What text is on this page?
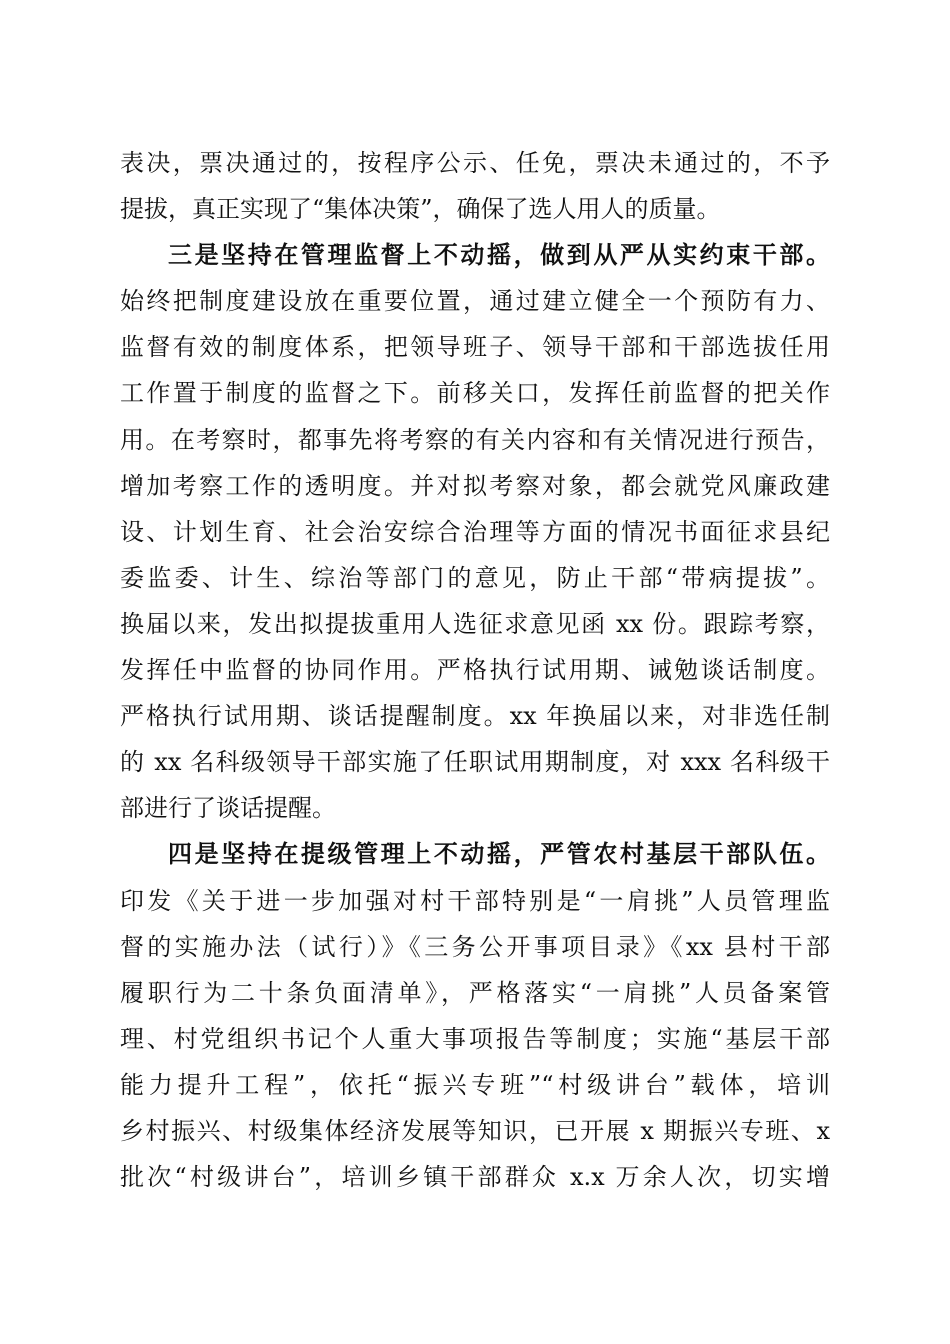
表决，票决通过的，按程序公示、任免，票决未通过的，不予
提拔，真正实现了“集体决策”，确保了选人用人的质量。
三是坚持在管理监督上不动摇，做到从严从实约束干部。
始终把制度建设放在重要位置，通过建立健全一个预防有力、
监督有效的制度体系，把领导班子、领导干部和干部选拔任用
工作置于制度的监督之下。前移关口，发挥任前监督的把关作
用。在考察时，都事先将考察的有关内容和有关情况进行预告，
增加考察工作的透明度。并对拟考察对象，都会就党风廉政建
设、计划生育、社会治安综合治理等方面的情况书面征求县纪
委监委、计生、综治等部门的意见，防止干部“带病提拔”。
换届以来，发出拟提拔重用人选征求意见函 xx 份。跟踪考察，
发挥任中监督的协同作用。严格执行试用期、诫勉谈话制度。
严格执行试用期、谈话提醒制度。xx 年换届以来，对非选任制
的 xx 名科级领导干部实施了任职试用期制度，对 xxx 名科级干
部进行了谈话提醒。
四是坚持在提级管理上不动摇，严管农村基层干部队伍。
印发《关于进一步加强对村干部特别是“一肩挑”人员管理监
督的实施办法（试行）》《三务公开事项目录》《xx 县村干部
履职行为二十条负面清单》，严格落实“一肩挑”人员备案管
理、村党组织书记个人重大事项报告等制度；实施“基层干部
能力提升工程”，依托“振兴专班”“村级讲台”载体，培训
乡村振兴、村级集体经济发展等知识，已开展 x 期振兴专班、x
批次“村级讲台”，培训乡镇干部群众 x.x 万余人次，切实增
